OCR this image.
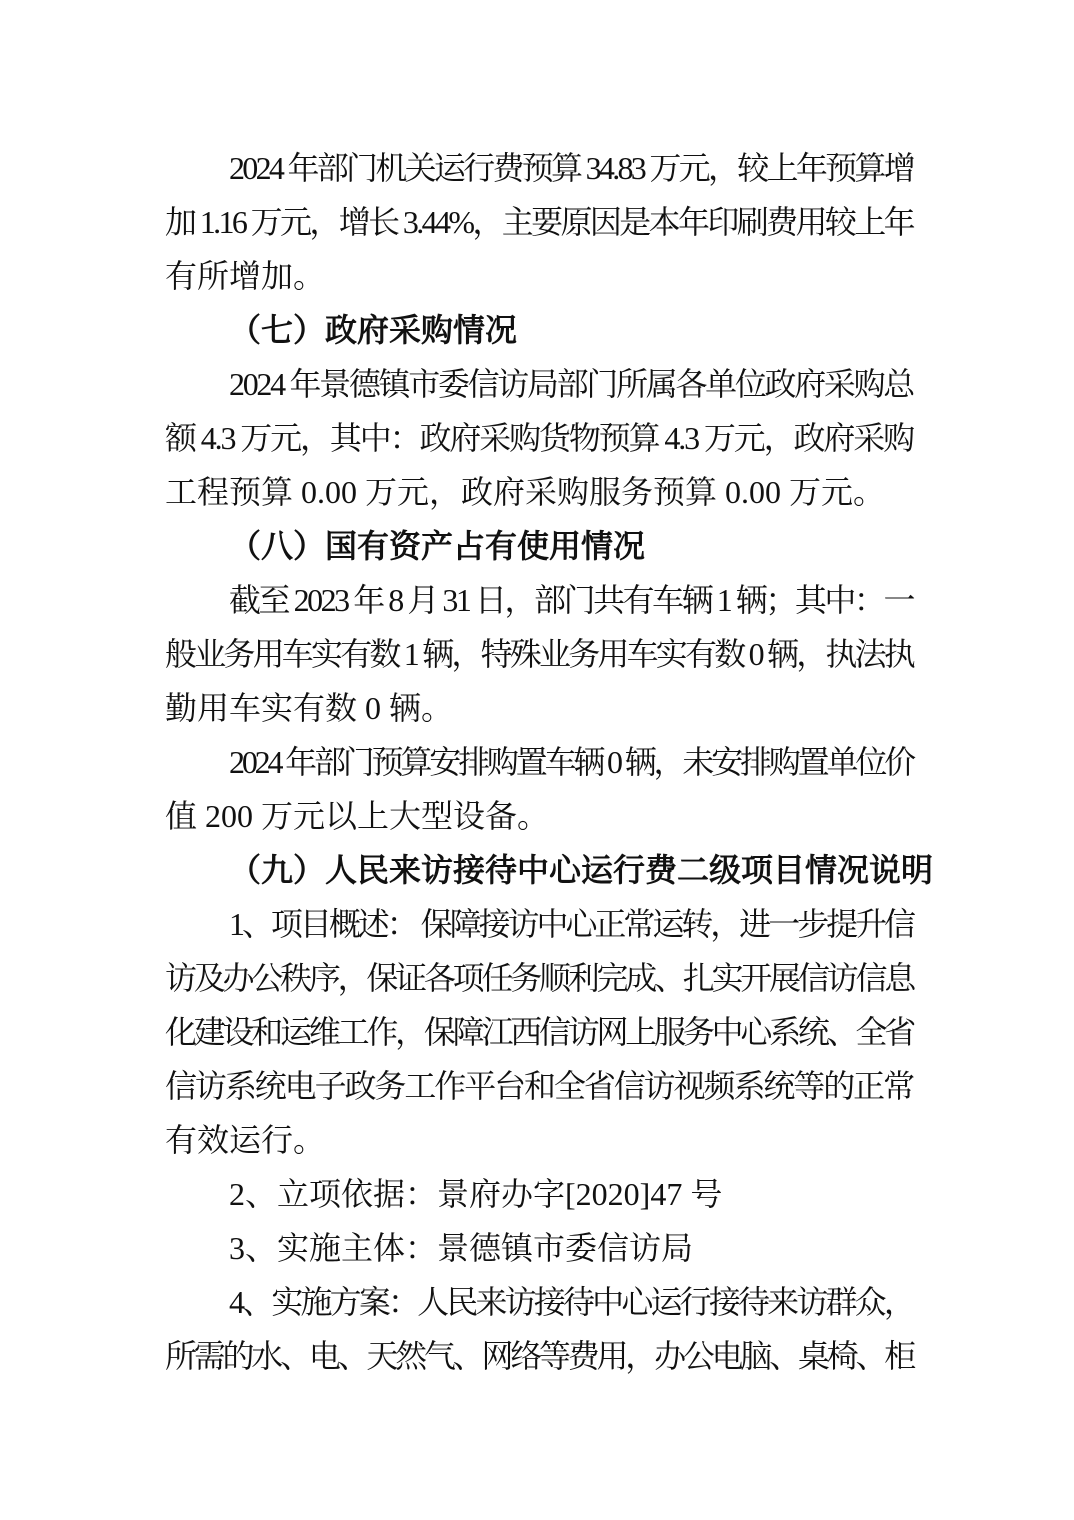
2024 年部门机关运行费预算 34.83 万元，较上年预算增
加 1.16 万元，增长 3.44%，主要原因是本年印刷费用较上年
有所增加。
（七）政府采购情况
2024 年景德镇市委信访局部门所属各单位政府采购总
额 4.3 万元，其中：政府采购货物预算 4.3 万元，政府采购
工程预算 0.00 万元，政府采购服务预算 0.00 万元。
（八）国有资产占有使用情况
截至 2023 年 8 月 31 日，部门共有车辆 1 辆；其中：一
般业务用车实有数 1 辆，特殊业务用车实有数 0 辆，执法执
勤用车实有数 0 辆。
2024 年部门预算安排购置车辆 0 辆，未安排购置单位价
值 200 万元以上大型设备。
（九）人民来访接待中心运行费二级项目情况说明
1、项目概述： 保障接访中心正常运转，进一步提升信
访及办公秩序，保证各项任务顺利完成、扎实开展信访信息
化建设和运维工作，保障江西信访网上服务中心系统、全省
信访系统电子政务工作平台和全省信访视频系统等的正常
有效运行。
2、立项依据：景府办字[2020]47 号
3、实施主体：景德镇市委信访局
4、实施方案：人民来访接待中心运行接待来访群众，
所需的水、电、天然气、网络等费用，办公电脑、桌椅、柜
